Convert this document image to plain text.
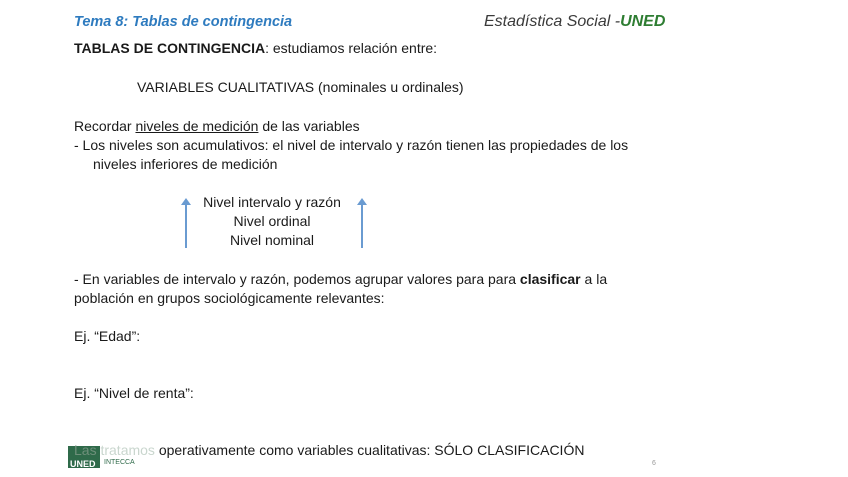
Tema 8: Tablas de contingencia	Estadística Social -UNED
TABLAS DE CONTINGENCIA: estudiamos relación entre:
VARIABLES CUALITATIVAS (nominales u ordinales)
Recordar niveles de medición de las variables
- Los niveles son acumulativos: el nivel de intervalo y razón tienen las propiedades de los
niveles inferiores de medición
Nivel intervalo y razón
Nivel ordinal
Nivel nominal
- En variables de intervalo y razón, podemos agrupar valores para para clasificar a la
población en grupos sociológicamente relevantes:
Ej. “Edad”:
Ej. “Nivel de renta”:
Las tratamos operativamente como variables cualitativas: SÓLO CLASIFICACIÓN
UNED INTECCA	6
